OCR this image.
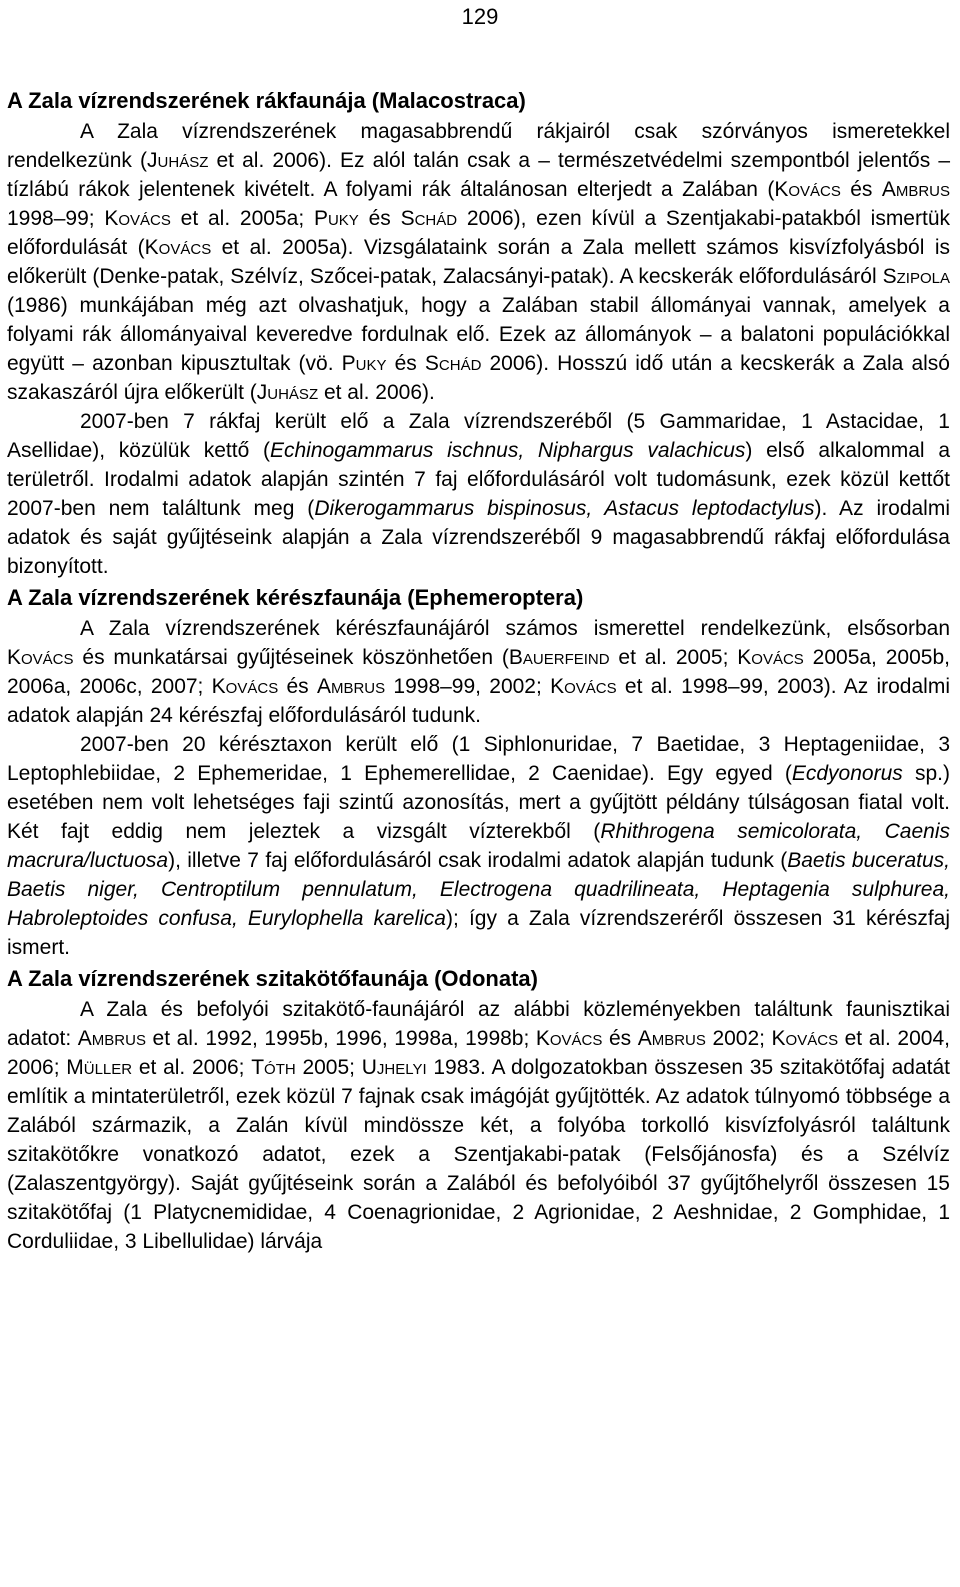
129
A Zala vízrendszerének rákfaunája (Malacostraca)

A Zala vízrendszerének magasabbrendű rákjairól csak szórványos ismeretekkel rendelkezünk (Juhász et al. 2006). Ez alól talán csak a – természetvédelmi szempontból jelentős – tízlábú rákok jelentenek kivételt. A folyami rák általánosan elterjedt a Zalában (Kovács és Ambrus 1998–99; Kovács et al. 2005a; Puky és Schád 2006), ezen kívül a Szentjakabi-patakból ismertük előfordulását (Kovács et al. 2005a). Vizsgálataink során a Zala mellett számos kisvízfolyásból is előkerült (Denke-patak, Szélvíz, Szőcei-patak, Zalacsányi-patak). A kecskerák előfordulásáról Szipola (1986) munkájában még azt olvashatjuk, hogy a Zalában stabil állományai vannak, amelyek a folyami rák állományaival keveredve fordulnak elő. Ezek az állományok – a balatoni populációkkal együtt – azonban kipusztultak (vö. Puky és Schád 2006). Hosszú idő után a kecskerák a Zala alsó szakaszáról újra előkerült (Juhász et al. 2006).

2007-ben 7 rákfaj került elő a Zala vízrendszeréből (5 Gammaridae, 1 Astacidae, 1 Asellidae), közülük kettő (Echinogammarus ischnus, Niphargus valachicus) első alkalommal a területről. Irodalmi adatok alapján szintén 7 faj előfordulásáról volt tudomásunk, ezek közül kettőt 2007-ben nem találtunk meg (Dikerogammarus bispinosus, Astacus leptodactylus). Az irodalmi adatok és saját gyűjtéseink alapján a Zala vízrendszeréből 9 magasabbrendű rákfaj előfordulása bizonyított.

A Zala vízrendszerének kérészfaunája (Ephemeroptera)

A Zala vízrendszerének kérészfaunájáról számos ismerettel rendelkezünk, elsősorban Kovács és munkatársai gyűjtéseinek köszönhetően (Bauerfeind et al. 2005; Kovács 2005a, 2005b, 2006a, 2006c, 2007; Kovács és Ambrus 1998–99, 2002; Kovács et al. 1998–99, 2003). Az irodalmi adatok alapján 24 kérészfaj előfordulásáról tudunk.

2007-ben 20 kérésztaxon került elő (1 Siphlonuridae, 7 Baetidae, 3 Heptageniidae, 3 Leptophlebiidae, 2 Ephemeridae, 1 Ephemerellidae, 2 Caenidae). Egy egyed (Ecdyonorus sp.) esetében nem volt lehetséges faji szintű azonosítás, mert a gyűjtött példány túlságosan fiatal volt. Két fajt eddig nem jeleztek a vizsgált vízterekből (Rhithrogena semicolorata, Caenis macrura/luctuosa), illetve 7 faj előfordulásáról csak irodalmi adatok alapján tudunk (Baetis buceratus, Baetis niger, Centroptilum pennulatum, Electrogena quadrilineata, Heptagenia sulphurea, Habroleptoides confusa, Eurylophella karelica); így a Zala vízrendszeréről összesen 31 kérészfaj ismert.

A Zala vízrendszerének szitakötőfaunája (Odonata)

A Zala és befolyói szitakötő-faunájáról az alábbi közleményekben találtunk faunisztikai adatot: Ambrus et al. 1992, 1995b, 1996, 1998a, 1998b; Kovács és Ambrus 2002; Kovács et al. 2004, 2006; Müller et al. 2006; Tóth 2005; Ujhelyi 1983. A dolgozatokban összesen 35 szitakötőfaj adatát említik a mintaterületről, ezek közül 7 fajnak csak imágóját gyűjtötték. Az adatok túlnyomó többsége a Zalából származik, a Zalán kívül mindössze két, a folyóba torkolló kisvízfolyásról találtunk szitakötőkre vonatkozó adatot, ezek a Szentjakabi-patak (Felsőjánosfa) és a Szélvíz (Zalaszentgyörgy). Saját gyűjtéseink során a Zalából és befolyóiból 37 gyűjtőhelyről összesen 15 szitakötőfaj (1 Platycnemididae, 4 Coenagrionidae, 2 Agrionidae, 2 Aeshnidae, 2 Gomphidae, 1 Corduliidae, 3 Libellulidae) lárvája
